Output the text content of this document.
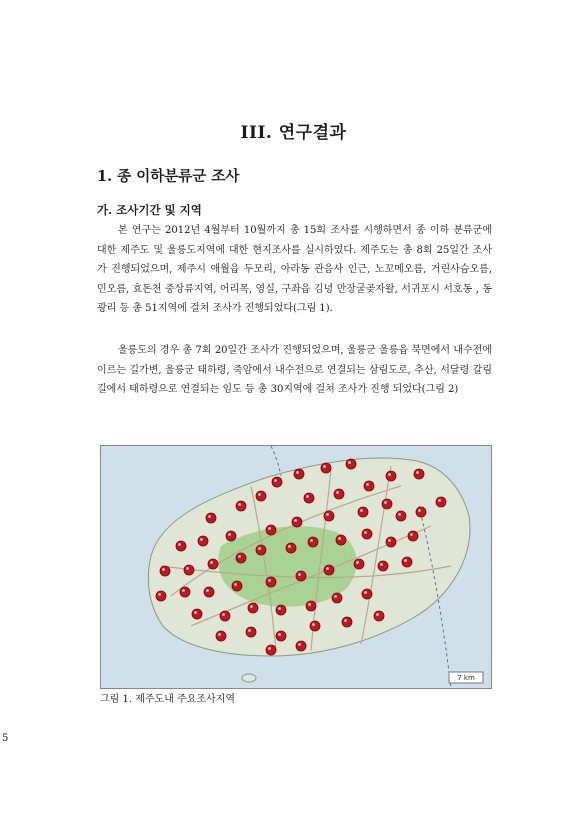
III. 연구결과
1. 종 이하분류군 조사
가. 조사기간 및 지역

본 연구는 2012년 4월부터 10월까지 총 15회 조사를 시행하면서 종 이하 분류군에 대한 제주도 및 울릉도지역에 대한 현지조사를 실시하였다. 제주도는 총 8회 25일간 조사가 진행되었으며, 제주시 애월읍 두모리, 아라동 관음사 인근, 노꼬메오름, 거린사슴오름, 민오름, 효돈천 중상류지역, 어리목, 영실, 구좌읍 김녕 만장굴곶자왈, 서귀포시 서호동 , 동광리 등 총 51지역에 걸쳐 조사가 진행되었다(그림 1).

울릉도의 경우 총 7회 20일간 조사가 진행되었으며, 울릉군 울릉읍 북면에서 내수전에 이르는 길가변, 울릉군 태하령, 죽암에서 내수전으로 연결되는 삼림도로, 추산, 서달령 갈림길에서 태하령으로 연결되는 임도 등 총 30지역에 걸쳐 조사가 진행 되었다(그림 2)

7 km
그림 1. 제주도내 주요조사지역
5
